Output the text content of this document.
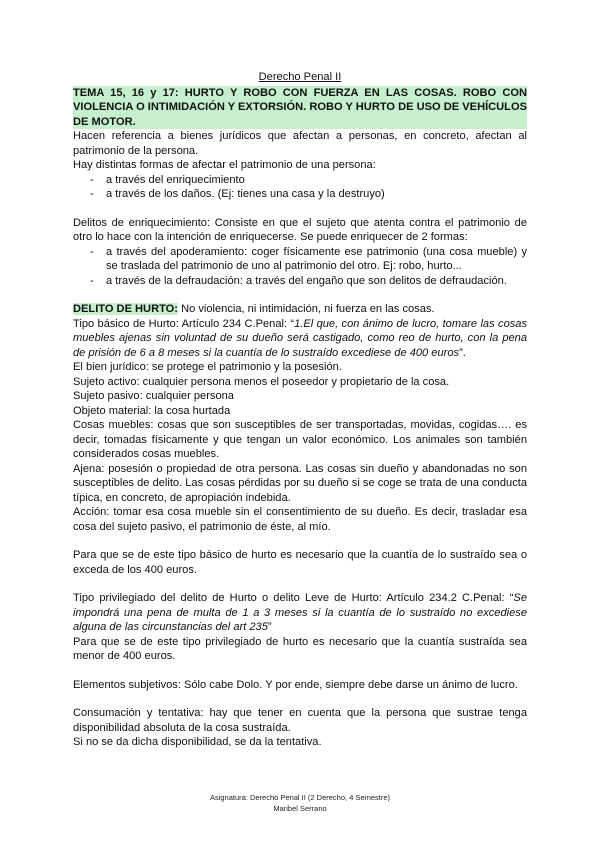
Derecho Penal II
TEMA 15, 16 y 17: HURTO Y ROBO CON FUERZA EN LAS COSAS. ROBO CON VIOLENCIA O INTIMIDACIÓN Y EXTORSIÓN. ROBO Y HURTO DE USO DE VEHÍCULOS DE MOTOR.

Hacen referencia a bienes jurídicos que afectan a personas, en concreto, afectan al patrimonio de la persona.

Hay distintas formas de afectar el patrimonio de una persona:

- a través del enriquecimiento
- a través de los daños. (Ej: tienes una casa y la destruyo)

Delitos de enriquecimiento: Consiste en que el sujeto que atenta contra el patrimonio de otro lo hace con la intención de enriquecerse. Se puede enriquecer de 2 formas:

- a través del apoderamiento: coger físicamente ese patrimonio (una cosa mueble) y se traslada del patrimonio de uno al patrimonio del otro. Ej: robo, hurto...
- a través de la defraudación: a través del engaño que son delitos de defraudación.

DELITO DE HURTO: No violencia, ni intimidación, ni fuerza en las cosas.

Tipo básico de Hurto: Artículo 234 C.Penal: “1.El que, con ánimo de lucro, tomare las cosas muebles ajenas sin voluntad de su dueño será castigado, como reo de hurto, con la pena de prisión de 6 a 8 meses si la cuantía de lo sustraído excediese de 400 euros”.

El bien jurídico: se protege el patrimonio y la posesión.

Sujeto activo: cualquier persona menos el poseedor y propietario de la cosa.

Sujeto pasivo: cualquier persona

Objeto material: la cosa hurtada

Cosas muebles: cosas que son susceptibles de ser transportadas, movidas, cogidas…. es decir, tomadas físicamente y que tengan un valor económico. Los animales son también considerados cosas muebles.

Ajena: posesión o propiedad de otra persona. Las cosas sin dueño y abandonadas no son susceptibles de delito. Las cosas pérdidas por su dueño si se coge se trata de una conducta típica, en concreto, de apropiación indebida.

Acción: tomar esa cosa mueble sin el consentimiento de su dueño. Es decir, trasladar esa cosa del sujeto pasivo, el patrimonio de éste, al mío.

Para que se de este tipo básico de hurto es necesario que la cuantía de lo sustraído sea o exceda de los 400 euros.

Tipo privilegiado del delito de Hurto o delito Leve de Hurto: Artículo 234.2 C.Penal: “Se impondrá una pena de multa de 1 a 3 meses si la cuantía de lo sustraído no excediese alguna de las circunstancias del art 235”

Para que se de este tipo privilegiado de hurto es necesario que la cuantía sustraída sea menor de 400 euros.

Elementos subjetivos: Sólo cabe Dolo. Y por ende, siempre debe darse un ánimo de lucro.

Consumación y tentativa: hay que tener en cuenta que la persona que sustrae tenga disponibilidad absoluta de la cosa sustraída.

Si no se da dicha disponibilidad, se da la tentativa.

Asignatura: Derecho Penal II (2 Derecho, 4 Semestre)
Maribel Serrano
